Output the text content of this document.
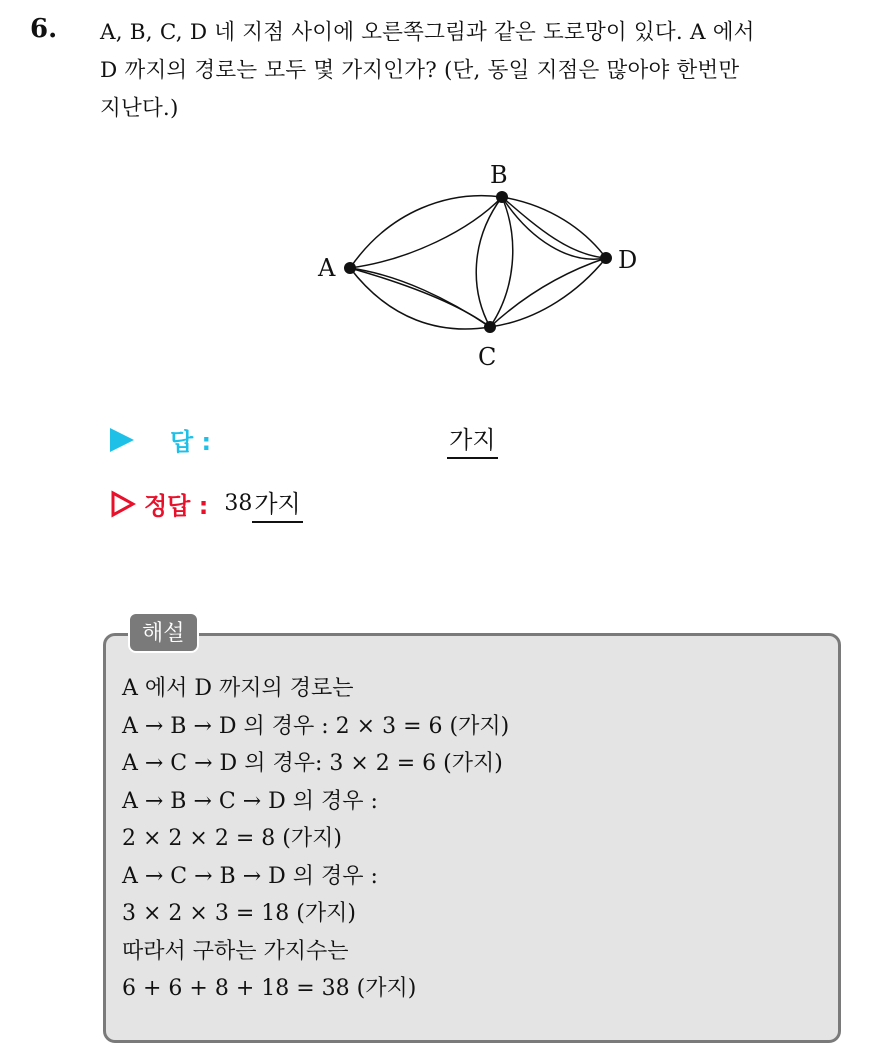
6. A, B, C, D 네 지점 사이에 오른쪽그림과 같은 도로망이 있다. A 에서
D 까지의 경로는 모두 몇 가지인가? (단, 동일 지점은 많아야 한번만
지난다.)
A
B
C
D
답 :	가지
정답 : 38 가지
해설
A 에서 D 까지의 경로는
A → B → D 의 경우 : 2 × 3 = 6 (가지)
A → C → D 의 경우: 3 × 2 = 6 (가지)
A → B → C → D 의 경우 :
2 × 2 × 2 = 8 (가지)
A → C → B → D 의 경우 :
3 × 2 × 3 = 18 (가지)
따라서 구하는 가지수는
6 + 6 + 8 + 18 = 38 (가지)
